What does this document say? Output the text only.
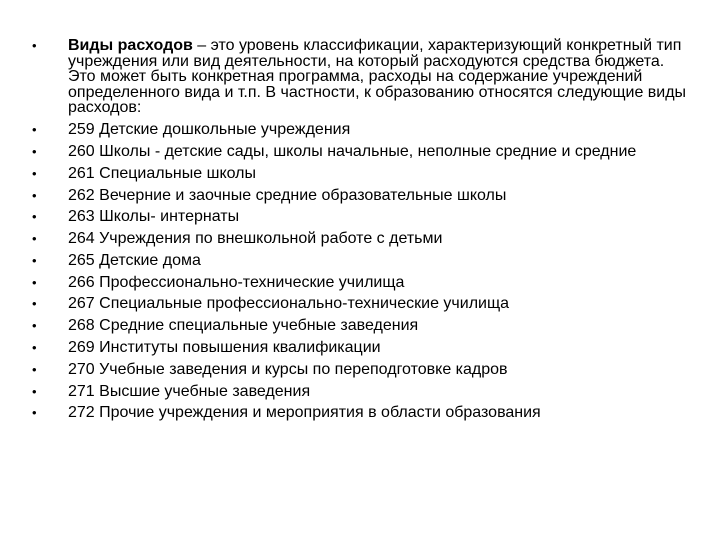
•	Виды расходов – это уровень классификации, характеризующий конкретный тип учреждения или вид деятельности, на который расходуются средства бюджета. Это может быть конкретная программа, расходы на содержание учреждений определенного вида и т.п. В частности, к образованию относятся следующие виды расходов:
•	259 Детские дошкольные учреждения
•	260 Школы - детские сады, школы начальные, неполные средние и средние
•	261 Специальные школы
•	262 Вечерние и заочные средние образовательные школы
•	263 Школы- интернаты
•	264 Учреждения по внешкольной работе с детьми
•	265 Детские дома
•	266 Профессионально-технические училища
•	267 Специальные профессионально-технические училища
•	268 Средние специальные учебные заведения
•	269 Институты повышения квалификации
•	270 Учебные заведения и курсы по переподготовке кадров
•	271 Высшие учебные заведения
•	272 Прочие учреждения и мероприятия в области образования
